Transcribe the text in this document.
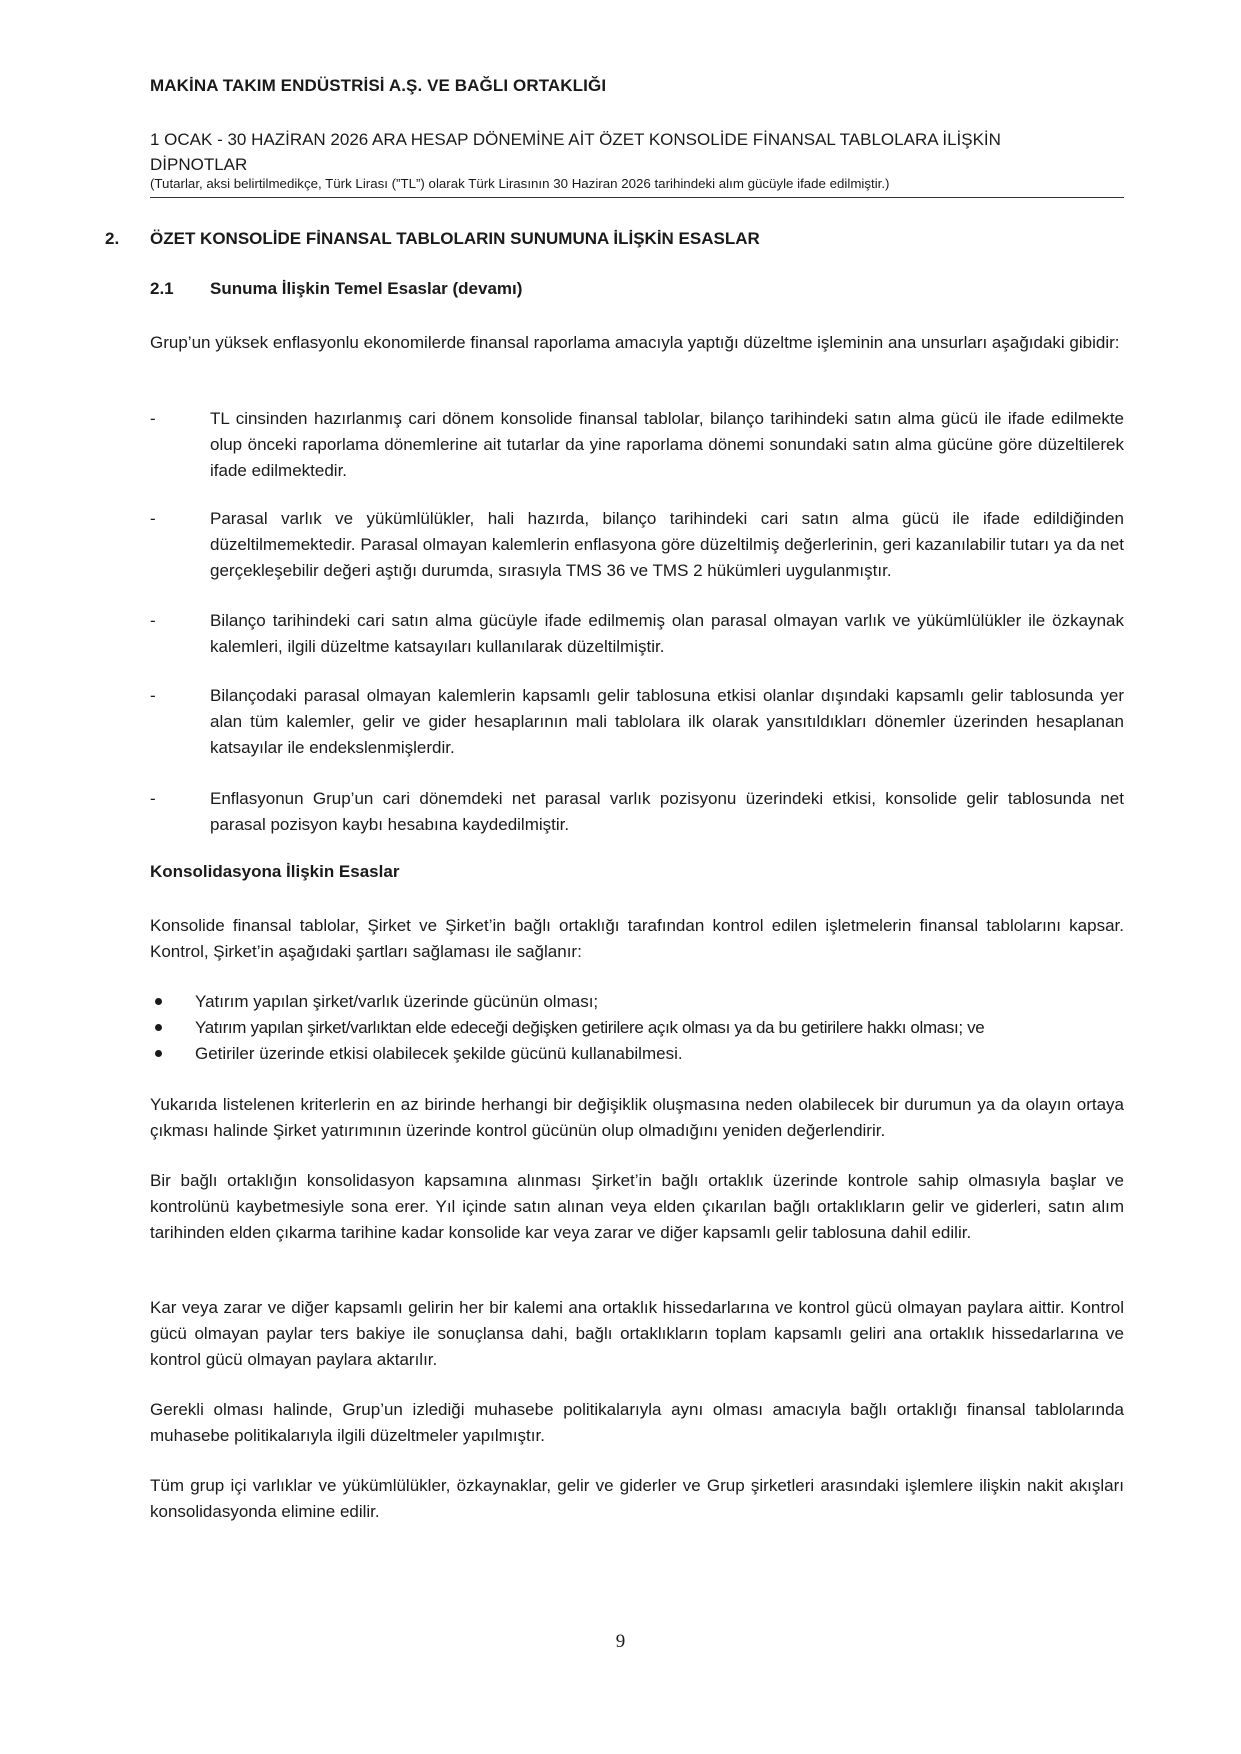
MAKİNA TAKIM ENDÜSTRİSİ A.Ş. VE BAĞLI ORTAKLIĞI
1 OCAK - 30 HAZİRAN 2026 ARA HESAP DÖNEMİNE AİT ÖZET KONSOLİDE FİNANSAL TABLOLARA İLİŞKİN DİPNOTLAR
(Tutarlar, aksi belirtilmedikçe, Türk Lirası (”TL”) olarak Türk Lirasının 30 Haziran 2026 tarihindeki alım gücüyle ifade edilmiştir.)
2. ÖZET KONSOLİDE FİNANSAL TABLOLARIN SUNUMUNA İLİŞKİN ESASLAR
2.1 Sunuma İlişkin Temel Esaslar (devamı)
Grup’un yüksek enflasyonlu ekonomilerde finansal raporlama amacıyla yaptığı düzeltme işleminin ana unsurları aşağıdaki gibidir:
-	TL cinsinden hazırlanmış cari dönem konsolide finansal tablolar, bilanço tarihindeki satın alma gücü ile ifade edilmekte olup önceki raporlama dönemlerine ait tutarlar da yine raporlama dönemi sonundaki satın alma gücüne göre düzeltilerek ifade edilmektedir.
-	Parasal varlık ve yükümlülükler, hali hazırda, bilanço tarihindeki cari satın alma gücü ile ifade edildiğinden düzeltilmemektedir. Parasal olmayan kalemlerin enflasyona göre düzeltilmiş değerlerinin, geri kazanılabilir tutarı ya da net gerçekleşebilir değeri aştığı durumda, sırasıyla TMS 36 ve TMS 2 hükümleri uygulanmıştır.
-	Bilanço tarihindeki cari satın alma gücüyle ifade edilmemiş olan parasal olmayan varlık ve yükümlülükler ile özkaynak kalemleri, ilgili düzeltme katsayıları kullanılarak düzeltilmiştir.
-	Bilançodaki parasal olmayan kalemlerin kapsamlı gelir tablosuna etkisi olanlar dışındaki kapsamlı gelir tablosunda yer alan tüm kalemler, gelir ve gider hesaplarının mali tablolara ilk olarak yansıtıldıkları dönemler üzerinden hesaplanan katsayılar ile endekslenmişlerdir.
-	Enflasyonun Grup’un cari dönemdeki net parasal varlık pozisyonu üzerindeki etkisi, konsolide gelir tablosunda net parasal pozisyon kaybı hesabına kaydedilmiştir.
Konsolidasyona İlişkin Esaslar
Konsolide finansal tablolar, Şirket ve Şirket’in bağlı ortaklığı tarafından kontrol edilen işletmelerin finansal tablolarını kapsar. Kontrol, Şirket’in aşağıdaki şartları sağlaması ile sağlanır:
Yatırım yapılan şirket/varlık üzerinde gücünün olması;
Yatırım yapılan şirket/varlıktan elde edeceği değişken getirilere açık olması ya da bu getirilere hakkı olması; ve
Getiriler üzerinde etkisi olabilecek şekilde gücünü kullanabilmesi.
Yukarıda listelenen kriterlerin en az birinde herhangi bir değişiklik oluşmasına neden olabilecek bir durumun ya da olayın ortaya çıkması halinde Şirket yatırımının üzerinde kontrol gücünün olup olmadığını yeniden değerlendirir.
Bir bağlı ortaklığın konsolidasyon kapsamına alınması Şirket’in bağlı ortaklık üzerinde kontrole sahip olmasıyla başlar ve kontrolünü kaybetmesiyle sona erer. Yıl içinde satın alınan veya elden çıkarılan bağlı ortaklıkların gelir ve giderleri, satın alım tarihinden elden çıkarma tarihine kadar konsolide kar veya zarar ve diğer kapsamlı gelir tablosuna dahil edilir.
Kar veya zarar ve diğer kapsamlı gelirin her bir kalemi ana ortaklık hissedarlarına ve kontrol gücü olmayan paylara aittir. Kontrol gücü olmayan paylar ters bakiye ile sonuçlansa dahi, bağlı ortaklıkların toplam kapsamlı geliri ana ortaklık hissedarlarına ve kontrol gücü olmayan paylara aktarılır.
Gerekli olması halinde, Grup’un izlediği muhasebe politikalarıyla aynı olması amacıyla bağlı ortaklığı finansal tablolarında muhasebe politikalarıyla ilgili düzeltmeler yapılmıştır.
Tüm grup içi varlıklar ve yükümlülükler, özkaynaklar, gelir ve giderler ve Grup şirketleri arasındaki işlemlere ilişkin nakit akışları konsolidasyonda elimine edilir.
9
